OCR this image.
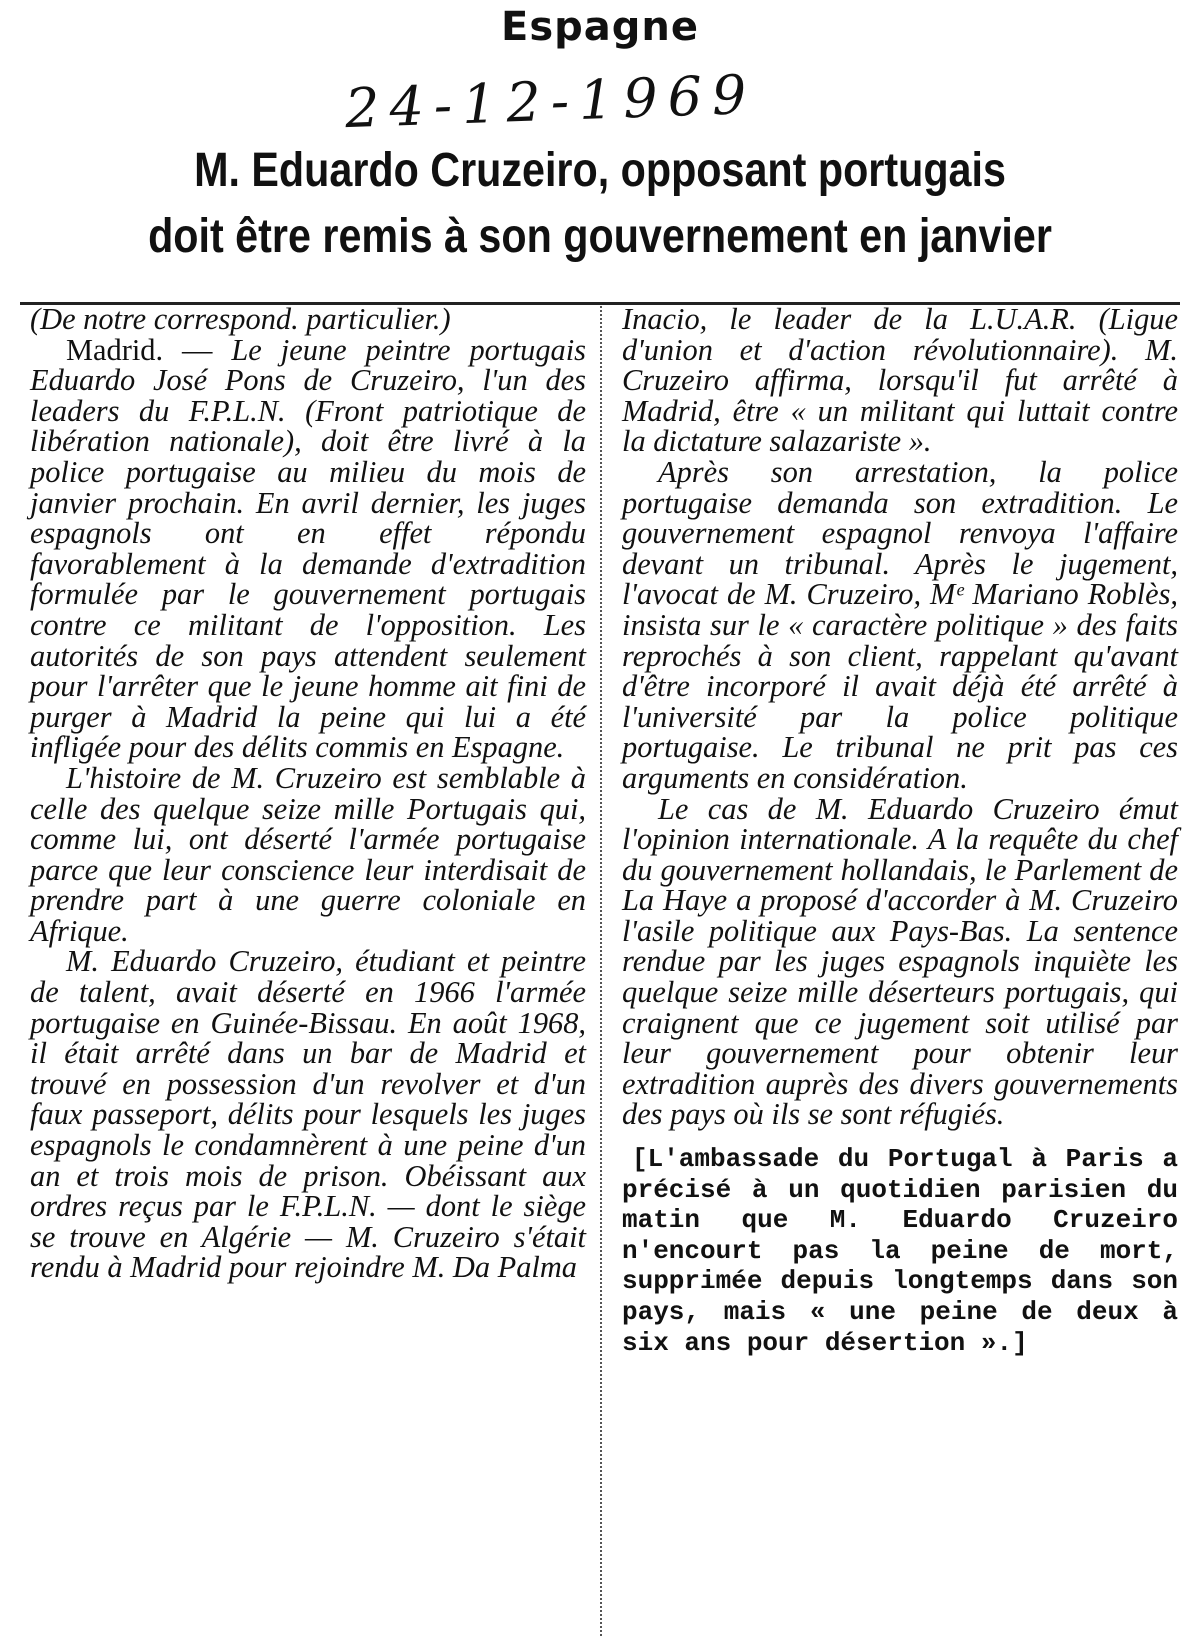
Espagne
24-12-1969
M. Eduardo Cruzeiro, opposant portugais
doit être remis à son gouvernement en janvier

(De notre correspond. particulier.)

Madrid. — Le jeune peintre portugais Eduardo José Pons de Cruzeiro, l'un des leaders du F.P.L.N. (Front patriotique de libération nationale), doit être livré à la police portugaise au milieu du mois de janvier prochain. En avril dernier, les juges espagnols ont en effet répondu favorablement à la demande d'extradition formulée par le gouvernement portugais contre ce militant de l'opposition. Les autorités de son pays attendent seulement pour l'arrêter que le jeune homme ait fini de purger à Madrid la peine qui lui a été infligée pour des délits commis en Espagne.

L'histoire de M. Cruzeiro est semblable à celle des quelque seize mille Portugais qui, comme lui, ont déserté l'armée portugaise parce que leur conscience leur interdisait de prendre part à une guerre coloniale en Afrique.

M. Eduardo Cruzeiro, étudiant et peintre de talent, avait déserté en 1966 l'armée portugaise en Guinée-Bissau. En août 1968, il était arrêté dans un bar de Madrid et trouvé en possession d'un revolver et d'un faux passeport, délits pour lesquels les juges espagnols le condamnèrent à une peine d'un an et trois mois de prison. Obéissant aux ordres reçus par le F.P.L.N. — dont le siège se trouve en Algérie — M. Cruzeiro s'était rendu à Madrid pour rejoindre M. Da Palma

Inacio, le leader de la L.U.A.R. (Ligue d'union et d'action révolutionnaire). M. Cruzeiro affirma, lorsqu'il fut arrêté à Madrid, être « un militant qui luttait contre la dictature salazariste ».

Après son arrestation, la police portugaise demanda son extradition. Le gouvernement espagnol renvoya l'affaire devant un tribunal. Après le jugement, l'avocat de M. Cruzeiro, Mᵉ Mariano Roblès, insista sur le « caractère politique » des faits reprochés à son client, rappelant qu'avant d'être incorporé il avait déjà été arrêté à l'université par la police politique portugaise. Le tribunal ne prit pas ces arguments en considération.

Le cas de M. Eduardo Cruzeiro émut l'opinion internationale. A la requête du chef du gouvernement hollandais, le Parlement de La Haye a proposé d'accorder à M. Cruzeiro l'asile politique aux Pays-Bas. La sentence rendue par les juges espagnols inquiète les quelque seize mille déserteurs portugais, qui craignent que ce jugement soit utilisé par leur gouvernement pour obtenir leur extradition auprès des divers gouvernements des pays où ils se sont réfugiés.

[L'ambassade du Portugal à Paris a précisé à un quotidien parisien du matin que M. Eduardo Cruzeiro n'encourt pas la peine de mort, supprimée depuis longtemps dans son pays, mais « une peine de deux à six ans pour désertion ».]
